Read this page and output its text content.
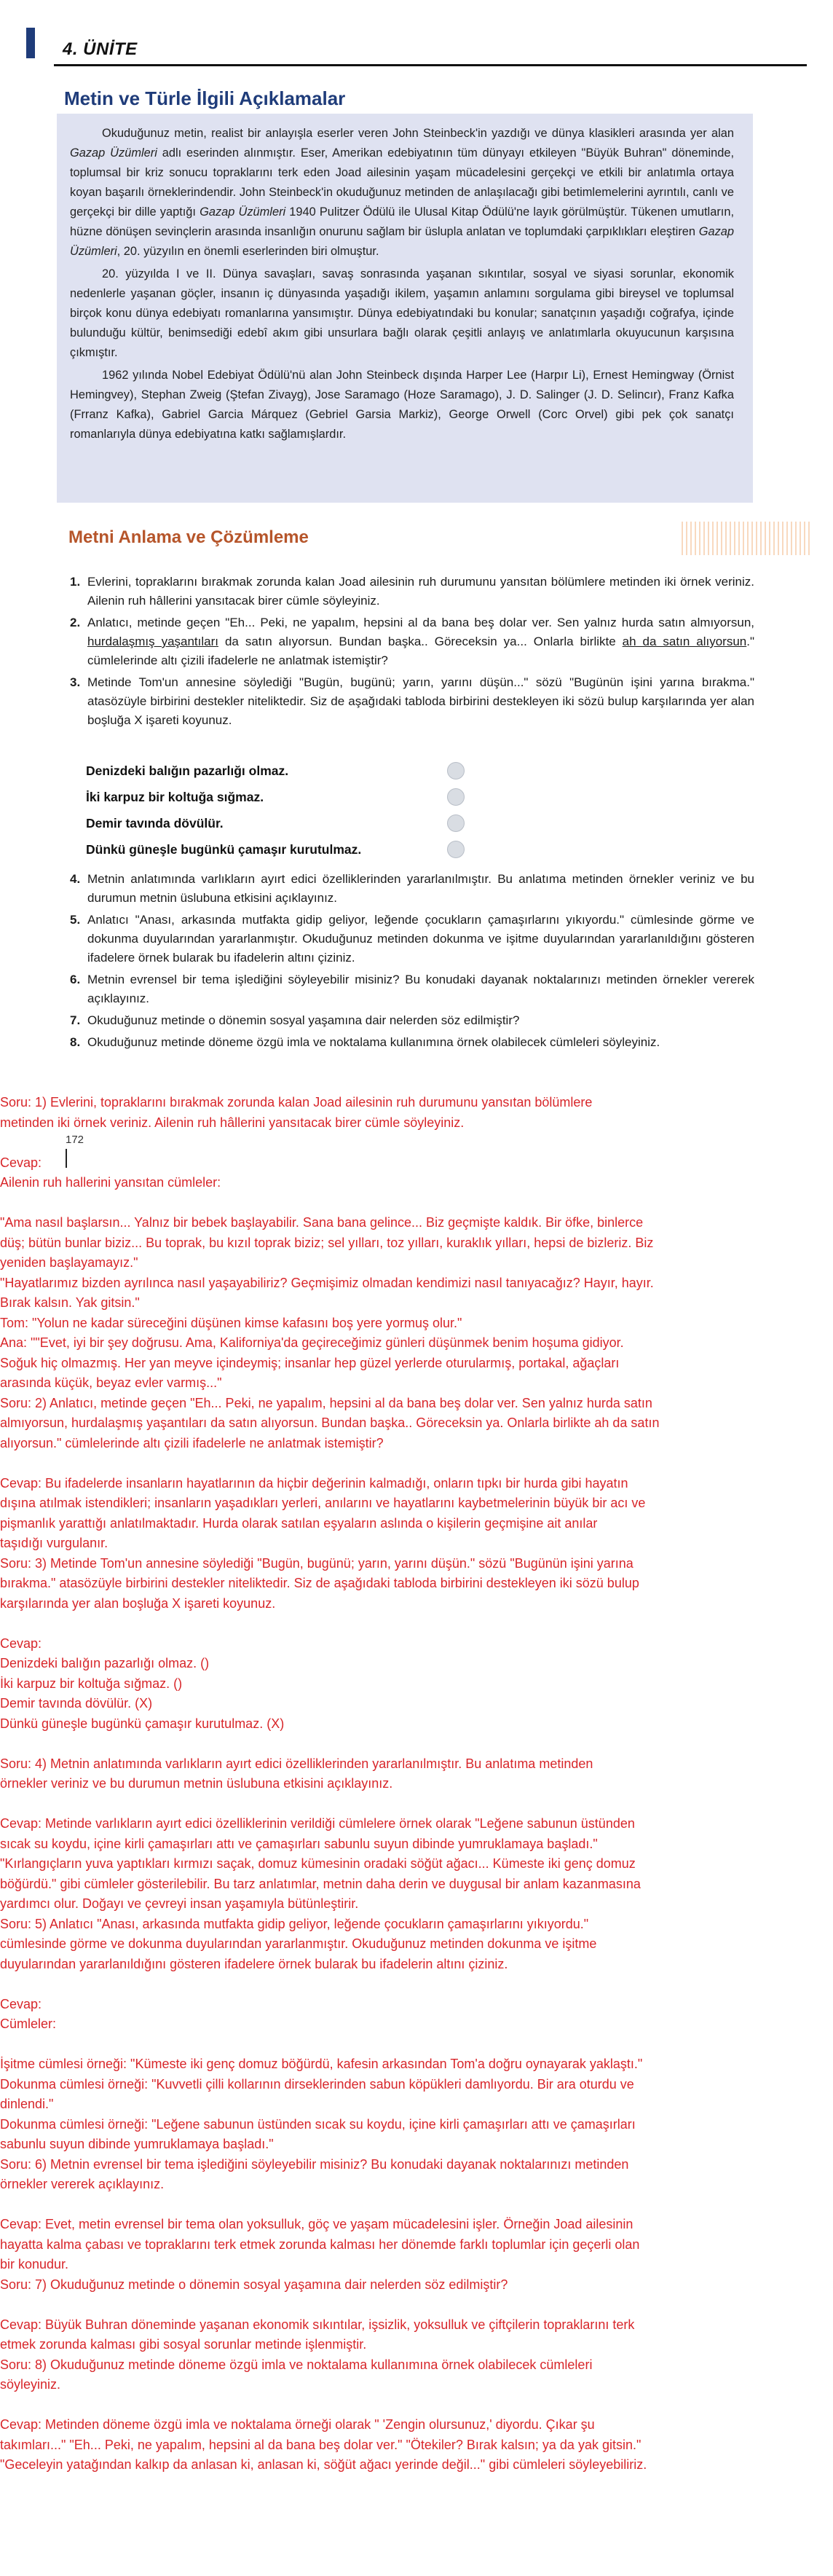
4. ÜNİTE
Metin ve Türle İlgili Açıklamalar

Okuduğunuz metin, realist bir anlayışla eserler veren John Steinbeck'in yazdığı ve dünya klasikleri arasında yer alan Gazap Üzümleri adlı eserinden alınmıştır. Eser, Amerikan edebiyatının tüm dünyayı etkileyen "Büyük Buhran" döneminde, toplumsal bir kriz sonucu topraklarını terk eden Joad ailesinin yaşam mücadelesini gerçekçi ve etkili bir anlatımla ortaya koyan başarılı örneklerindendir. John Steinbeck'in okuduğunuz metinden de anlaşılacağı gibi betimlemelerini ayrıntılı, canlı ve gerçekçi bir dille yaptığı Gazap Üzümleri 1940 Pulitzer Ödülü ile Ulusal Kitap Ödülü'ne layık görülmüştür. Tükenen umutların, hüzne dönüşen sevinçlerin arasında insanlığın onurunu sağlam bir üslupla anlatan ve toplumdaki çarpıklıkları eleştiren Gazap Üzümleri, 20. yüzyılın en önemli eserlerinden biri olmuştur.

20. yüzyılda I ve II. Dünya savaşları, savaş sonrasında yaşanan sıkıntılar, sosyal ve siyasi sorunlar, ekonomik nedenlerle yaşanan göçler, insanın iç dünyasında yaşadığı ikilem, yaşamın anlamını sorgulama gibi bireysel ve toplumsal birçok konu dünya edebiyatı romanlarına yansımıştır. Dünya edebiyatındaki bu konular; sanatçının yaşadığı coğrafya, içinde bulunduğu kültür, benimsediği edebî akım gibi unsurlara bağlı olarak çeşitli anlayış ve anlatımlarla okuyucunun karşısına çıkmıştır.

1962 yılında Nobel Edebiyat Ödülü'nü alan John Steinbeck dışında Harper Lee (Harpır Li), Ernest Hemingway (Örnist Hemingvey), Stephan Zweig (Ştefan Zivayg), Jose Saramago (Hoze Saramago), J. D. Salinger (J. D. Selincır), Franz Kafka (Frranz Kafka), Gabriel Garcia Márquez (Gebriel Garsia Markiz), George Orwell (Corc Orvel) gibi pek çok sanatçı romanlarıyla dünya edebiyatına katkı sağlamışlardır.

Metni Anlama ve Çözümleme
1. Evlerini, topraklarını bırakmak zorunda kalan Joad ailesinin ruh durumunu yansıtan bölümlere metinden iki örnek veriniz. Ailenin ruh hâllerini yansıtacak birer cümle söyleyiniz.
2. Anlatıcı, metinde geçen "Eh... Peki, ne yapalım, hepsini al da bana beş dolar ver. Sen yalnız hurda satın almıyorsun, hurdalaşmış yaşantıları da satın alıyorsun. Bundan başka.. Göreceksin ya... Onlarla birlikte ah da satın alıyorsun." cümlelerinde altı çizili ifadelerle ne anlatmak istemiştir?
3. Metinde Tom'un annesine söylediği "Bugün, bugünü; yarın, yarını düşün..." sözü "Bugünün işini yarına bırakma." atasözüyle birbirini destekler niteliktedir. Siz de aşağıdaki tabloda birbirini destekleyen iki sözü bulup karşılarında yer alan boşluğa X işareti koyunuz.
Denizdeki balığın pazarlığı olmaz.
İki karpuz bir koltuğa sığmaz.
Demir tavında dövülür.
Dünkü güneşle bugünkü çamaşır kurutulmaz.
4. Metnin anlatımında varlıkların ayırt edici özelliklerinden yararlanılmıştır. Bu anlatıma metinden örnekler veriniz ve bu durumun metnin üslubuna etkisini açıklayınız.
5. Anlatıcı "Anası, arkasında mutfakta gidip geliyor, leğende çocukların çamaşırlarını yıkıyordu." cümlesinde görme ve dokunma duyularından yararlanmıştır. Okuduğunuz metinden dokunma ve işitme duyularından yararlanıldığını gösteren ifadelere örnek bularak bu ifadelerin altını çiziniz.
6. Metnin evrensel bir tema işlediğini söyleyebilir misiniz? Bu konudaki dayanak noktalarınızı metinden örnekler vererek açıklayınız.
7. Okuduğunuz metinde o dönemin sosyal yaşamına dair nelerden söz edilmiştir?
8. Okuduğunuz metinde döneme özgü imla ve noktalama kullanımına örnek olabilecek cümleleri söyleyiniz.
172
Soru: 1) Evlerini, topraklarını bırakmak zorunda kalan Joad ailesinin ruh durumunu yansıtan bölümlere
metinden iki örnek veriniz. Ailenin ruh hâllerini yansıtacak birer cümle söyleyiniz.

Cevap:
Ailenin ruh hallerini yansıtan cümleler:

"Ama nasıl başlarsın... Yalnız bir bebek başlayabilir. Sana bana gelince... Biz geçmişte kaldık. Bir öfke, binlerce
düş; bütün bunlar biziz... Bu toprak, bu kızıl toprak biziz; sel yılları, toz yılları, kuraklık yılları, hepsi de bizleriz. Biz
yeniden başlayamayız."
"Hayatlarımız bizden ayrılınca nasıl yaşayabiliriz? Geçmişimiz olmadan kendimizi nasıl tanıyacağız? Hayır, hayır.
Bırak kalsın. Yak gitsin."
Tom: "Yolun ne kadar süreceğini düşünen kimse kafasını boş yere yormuş olur."
Ana: ""Evet, iyi bir şey doğrusu. Ama, Kaliforniya'da geçireceğimiz günleri düşünmek benim hoşuma gidiyor.
Soğuk hiç olmazmış. Her yan meyve içindeymiş; insanlar hep güzel yerlerde oturularmış, portakal, ağaçları
arasında küçük, beyaz evler varmış..."
Soru: 2) Anlatıcı, metinde geçen "Eh... Peki, ne yapalım, hepsini al da bana beş dolar ver. Sen yalnız hurda satın
almıyorsun, hurdalaşmış yaşantıları da satın alıyorsun. Bundan başka.. Göreceksin ya. Onlarla birlikte ah da satın
alıyorsun." cümlelerinde altı çizili ifadelerle ne anlatmak istemiştir?

Cevap: Bu ifadelerde insanların hayatlarının da hiçbir değerinin kalmadığı, onların tıpkı bir hurda gibi hayatın
dışına atılmak istendikleri; insanların yaşadıkları yerleri, anılarını ve hayatlarını kaybetmelerinin büyük bir acı ve
pişmanlık yarattığı anlatılmaktadır. Hurda olarak satılan eşyaların aslında o kişilerin geçmişine ait anılar
taşıdığı vurgulanır.
Soru: 3) Metinde Tom'un annesine söylediği "Bugün, bugünü; yarın, yarını düşün." sözü "Bugünün işini yarına
bırakma." atasözüyle birbirini destekler niteliktedir. Siz de aşağıdaki tabloda birbirini destekleyen iki sözü bulup
karşılarında yer alan boşluğa X işareti koyunuz.

Cevap:
Denizdeki balığın pazarlığı olmaz. ()
İki karpuz bir koltuğa sığmaz. ()
Demir tavında dövülür. (X)
Dünkü güneşle bugünkü çamaşır kurutulmaz. (X)

Soru: 4) Metnin anlatımında varlıkların ayırt edici özelliklerinden yararlanılmıştır. Bu anlatıma metinden
örnekler veriniz ve bu durumun metnin üslubuna etkisini açıklayınız.

Cevap: Metinde varlıkların ayırt edici özelliklerinin verildiği cümlelere örnek olarak "Leğene sabunun üstünden
sıcak su koydu, içine kirli çamaşırları attı ve çamaşırları sabunlu suyun dibinde yumruklamaya başladı."
"Kırlangıçların yuva yaptıkları kırmızı saçak, domuz kümesinin oradaki söğüt ağacı... Kümeste iki genç domuz
böğürdü." gibi cümleler gösterilebilir. Bu tarz anlatımlar, metnin daha derin ve duygusal bir anlam kazanmasına
yardımcı olur. Doğayı ve çevreyi insan yaşamıyla bütünleştirir.
Soru: 5) Anlatıcı "Anası, arkasında mutfakta gidip geliyor, leğende çocukların çamaşırlarını yıkıyordu."
cümlesinde görme ve dokunma duyularından yararlanmıştır. Okuduğunuz metinden dokunma ve işitme
duyularından yararlanıldığını gösteren ifadelere örnek bularak bu ifadelerin altını çiziniz.

Cevap:
Cümleler:

İşitme cümlesi örneği: "Kümeste iki genç domuz böğürdü, kafesin arkasından Tom'a doğru oynayarak yaklaştı."
Dokunma cümlesi örneği: "Kuvvetli çilli kollarının dirseklerinden sabun köpükleri damlıyordu. Bir ara oturdu ve
dinlendi."
Dokunma cümlesi örneği: "Leğene sabunun üstünden sıcak su koydu, içine kirli çamaşırları attı ve çamaşırları
sabunlu suyun dibinde yumruklamaya başladı."
Soru: 6) Metnin evrensel bir tema işlediğini söyleyebilir misiniz? Bu konudaki dayanak noktalarınızı metinden
örnekler vererek açıklayınız.

Cevap: Evet, metin evrensel bir tema olan yoksulluk, göç ve yaşam mücadelesini işler. Örneğin Joad ailesinin
hayatta kalma çabası ve topraklarını terk etmek zorunda kalması her dönemde farklı toplumlar için geçerli olan
bir konudur.
Soru: 7) Okuduğunuz metinde o dönemin sosyal yaşamına dair nelerden söz edilmiştir?

Cevap: Büyük Buhran döneminde yaşanan ekonomik sıkıntılar, işsizlik, yoksulluk ve çiftçilerin topraklarını terk
etmek zorunda kalması gibi sosyal sorunlar metinde işlenmiştir.
Soru: 8) Okuduğunuz metinde döneme özgü imla ve noktalama kullanımına örnek olabilecek cümleleri
söyleyiniz.

Cevap: Metinden döneme özgü imla ve noktalama örneği olarak " 'Zengin olursunuz,' diyordu. Çıkar şu
takımları..." "Eh... Peki, ne yapalım, hepsini al da bana beş dolar ver." "Ötekiler? Bırak kalsın; ya da yak gitsin."
"Geceleyin yatağından kalkıp da anlasan ki, anlasan ki, söğüt ağacı yerinde değil..." gibi cümleleri söyleyebiliriz.
